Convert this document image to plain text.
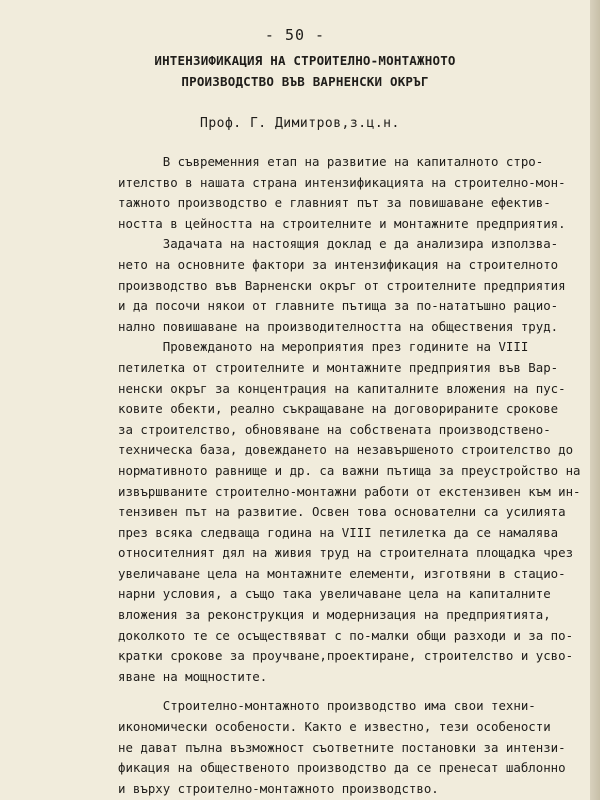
- 50 -
ИНТЕНЗИФИКАЦИЯ НА СТРОИТЕЛНО-МОНТАЖНОТО
ПРОИЗВОДСТВО ВЪВ ВАРНЕНСКИ ОКРЪГ
Проф. Г. Димитров,з.ц.н.
В съвременния етап на развитие на капиталното стро-
ителство в нашата страна интензификацията на строително-мон-
тажното производство е главният път за повишаване ефектив-
ността в цейността на строителните и монтажните предприятия.
Задачата на настоящия доклад е да анализира използва-
нето на основните фактори за интензификация на строителното
производство във Варненски окръг от строителните предприятия
и да посочи някои от главните пътища за по-нататъшно рацио-
нално повишаване на производителността на обществения труд.
Провежданото на мероприятия през годините на VIII
петилетка от строителните и монтажните предприятия във Вар-
ненски окръг за концентрация на капиталните вложения на пус-
ковите обекти, реално съкращаване на договорираните срокове
за строителство, обновяване на собствената производствено-
техническа база, довеждането на незавършеното строителство до
нормативното равнище и др. са важни пътища за преустройство на
извършваните строително-монтажни работи от екстензивен към ин-
тензивен път на развитие. Освен това основателни са усилията
през всяка следваща година на VIII петилетка да се намалява
относителният дял на живия труд на строителната площадка чрез
увеличаване цела на монтажните елементи, изготвяни в стацио-
нарни условия, а също така увеличаване цела на капиталните
вложения за реконструкция и модернизация на предприятията,
доколкото те се осъществяват с по-малки общи разходи и за по-
кратки срокове за проучване,проектиране, строителство и усво-
яване на мощностите.
Строително-монтажното производство има свои техни-
икономически особености. Както е известно, тези особености
не дават пълна възможност съответните постановки за интензи-
фикация на общественото производство да се пренесат шаблонно
и върху строително-монтажното производство.
